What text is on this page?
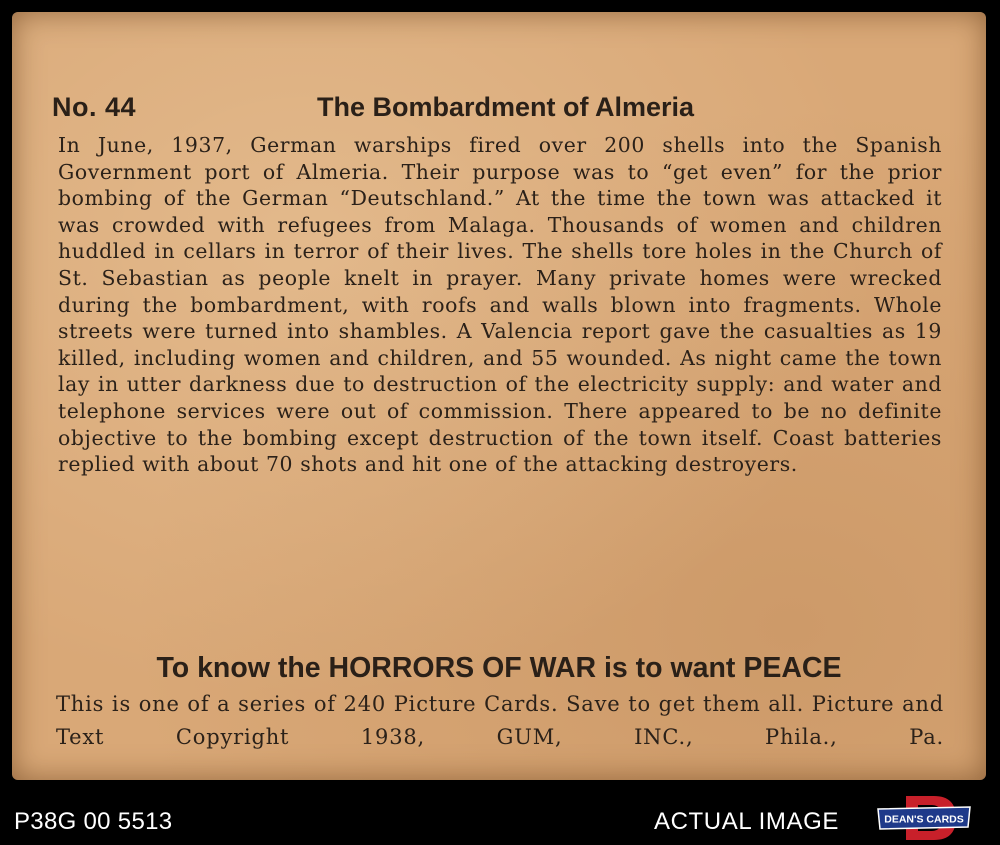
No. 44	The Bombardment of Almeria
In June, 1937, German warships fired over 200 shells into the Spanish Government port of Almeria. Their purpose was to “get even” for the prior bombing of the German “Deutschland.” At the time the town was attacked it was crowded with refugees from Malaga. Thousands of women and children huddled in cellars in terror of their lives. The shells tore holes in the Church of St. Sebastian as people knelt in prayer. Many private homes were wrecked during the bombardment, with roofs and walls blown into fragments. Whole streets were turned into shambles. A Valencia report gave the casualties as 19 killed, including women and children, and 55 wounded. As night came the town lay in utter darkness due to destruction of the electricity supply: and water and telephone services were out of commission. There appeared to be no definite objective to the bombing except destruction of the town itself. Coast batteries replied with about 70 shots and hit one of the attacking destroyers.
To know the HORRORS OF WAR is to want PEACE
This is one of a series of 240 Picture Cards. Save to get them all. Picture and Text Copyright 1938, GUM, INC., Phila., Pa.
P38G 00 5513	ACTUAL IMAGE	DEAN'S CARDS
